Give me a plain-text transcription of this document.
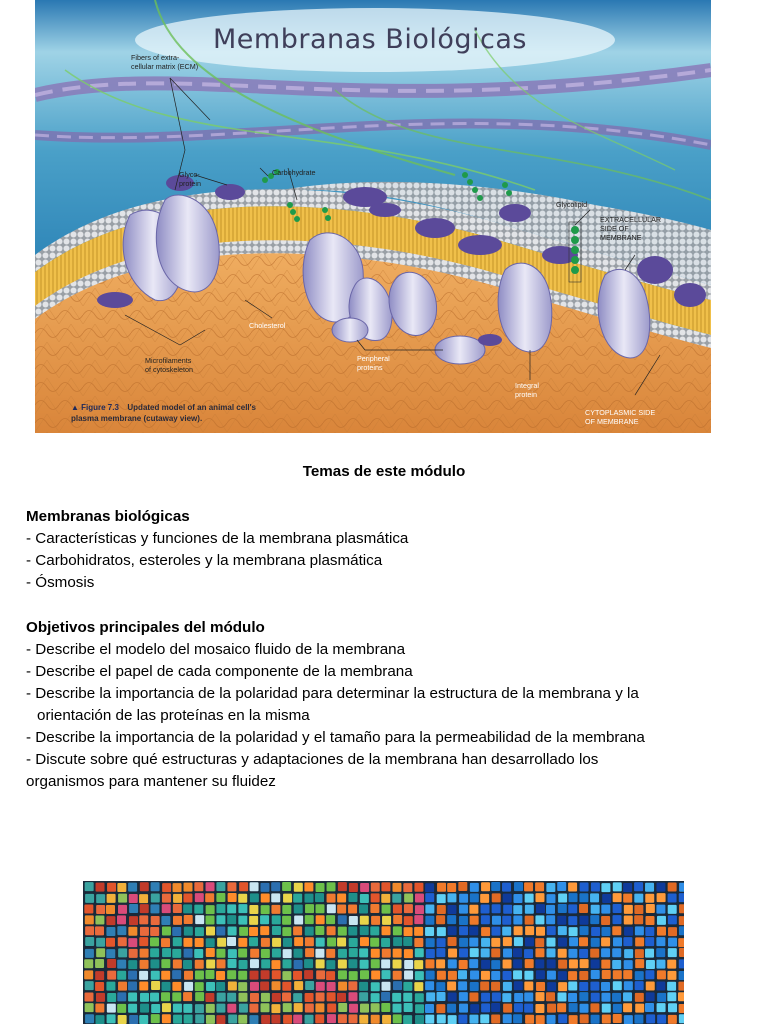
Membranas Biológicas
Fibers of extra-
cellular matrix (ECM)
Glyco-
protein
Carbohydrate
Glycolipid
EXTRACELLULAR
SIDE OF
MEMBRANE
Cholesterol
Microfilaments
of cytoskeleton
Peripheral
proteins
Integral
protein
CYTOPLASMIC SIDE
OF MEMBRANE
▲ Figure 7.3 Updated model of an animal cell's
plasma membrane (cutaway view).
Temas de este módulo
Membranas biológicas
- Características y funciones de la membrana plasmática
- Carbohidratos, esteroles y la membrana plasmática
- Ósmosis
Objetivos principales del módulo
- Describe el modelo del mosaico fluido de la membrana
- Describe el papel de cada componente de la membrana
- Describe la importancia de la polaridad para determinar la estructura de la membrana y la
orientación de las proteínas en la misma
- Describe la importancia de la polaridad y el tamaño para la permeabilidad de la membrana
- Discute sobre qué estructuras y adaptaciones de la membrana han desarrollado los
organismos para mantener su fluidez
